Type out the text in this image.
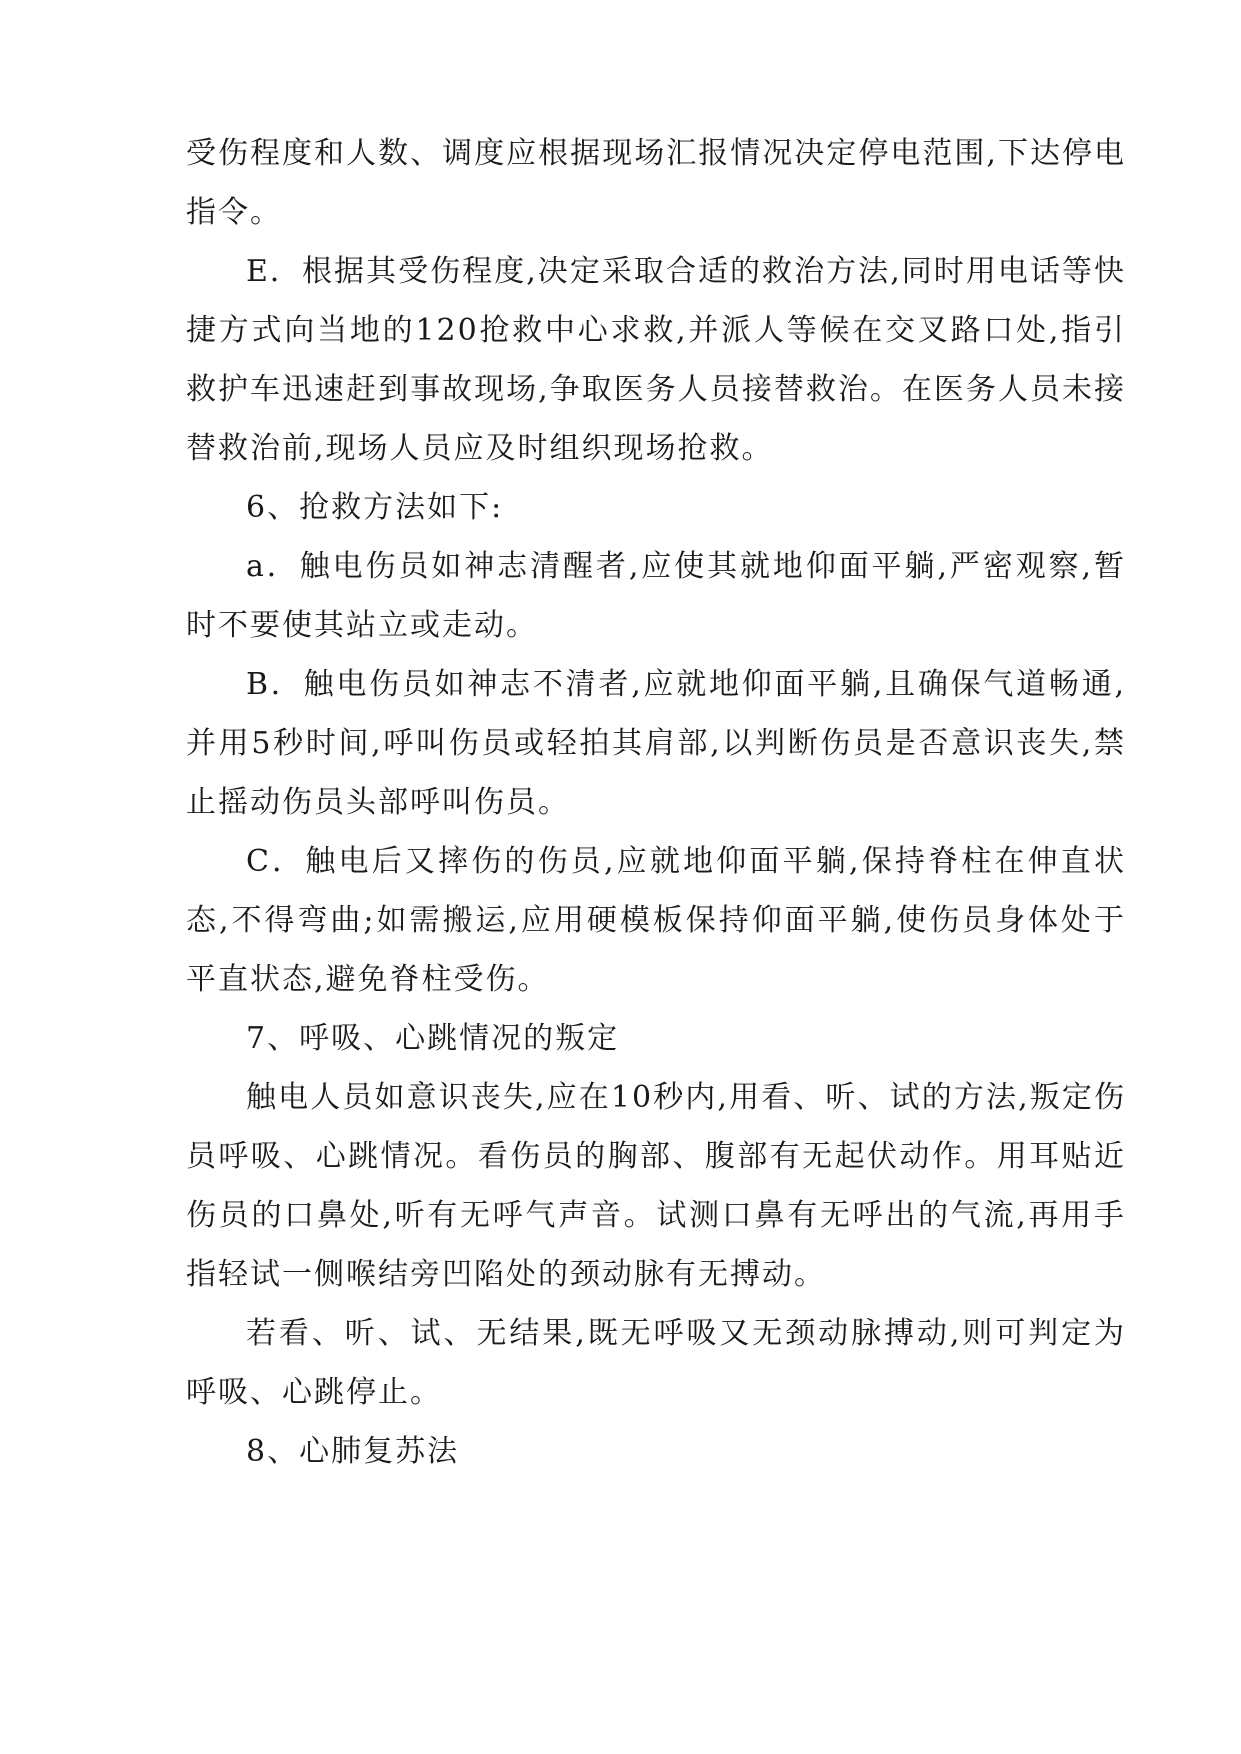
受伤程度和人数、调度应根据现场汇报情况决定停电范围,下达停电指令。

E．根据其受伤程度,决定采取合适的救治方法,同时用电话等快捷方式向当地的120抢救中心求救,并派人等候在交叉路口处,指引救护车迅速赶到事故现场,争取医务人员接替救治。在医务人员未接替救治前,现场人员应及时组织现场抢救。

6、抢救方法如下:

a．触电伤员如神志清醒者,应使其就地仰面平躺,严密观察,暂时不要使其站立或走动。

B．触电伤员如神志不清者,应就地仰面平躺,且确保气道畅通,并用5秒时间,呼叫伤员或轻拍其肩部,以判断伤员是否意识丧失,禁止摇动伤员头部呼叫伤员。

C．触电后又摔伤的伤员,应就地仰面平躺,保持脊柱在伸直状态,不得弯曲;如需搬运,应用硬模板保持仰面平躺,使伤员身体处于平直状态,避免脊柱受伤。

7、呼吸、心跳情况的叛定

触电人员如意识丧失,应在10秒内,用看、听、试的方法,叛定伤员呼吸、心跳情况。看伤员的胸部、腹部有无起伏动作。用耳贴近伤员的口鼻处,听有无呼气声音。试测口鼻有无呼出的气流,再用手指轻试一侧喉结旁凹陷处的颈动脉有无搏动。

若看、听、试、无结果,既无呼吸又无颈动脉搏动,则可判定为呼吸、心跳停止。

8、心肺复苏法
